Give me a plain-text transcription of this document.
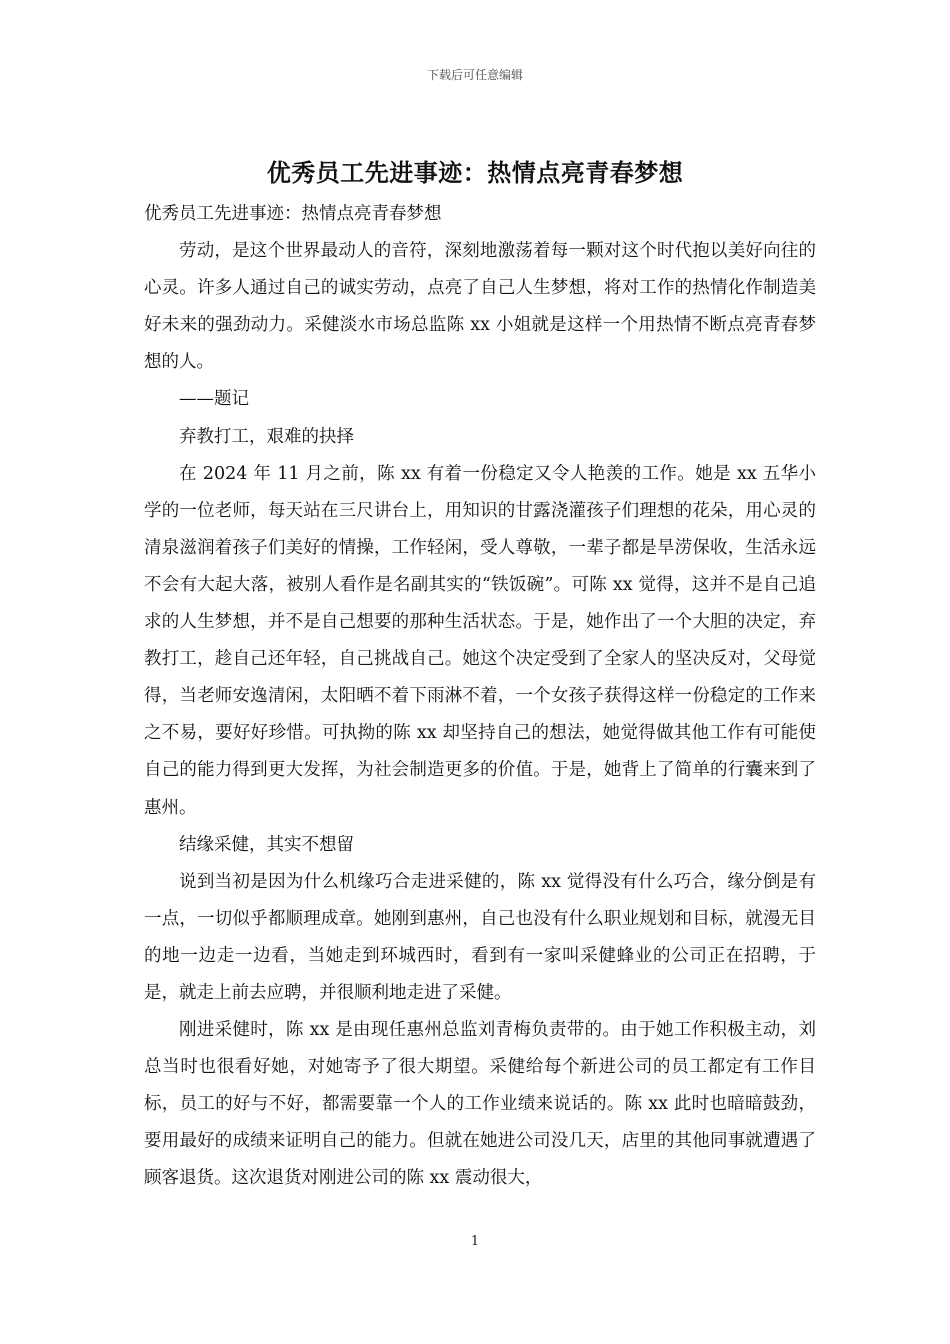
下载后可任意编辑
优秀员工先进事迹：热情点亮青春梦想

优秀员工先进事迹：热情点亮青春梦想

劳动，是这个世界最动人的音符，深刻地激荡着每一颗对这个时代抱以美好向往的心灵。许多人通过自己的诚实劳动，点亮了自己人生梦想，将对工作的热情化作制造美好未来的强劲动力。采健淡水市场总监陈 xx 小姐就是这样一个用热情不断点亮青春梦想的人。

——题记

弃教打工，艰难的抉择

在 2024 年 11 月之前，陈 xx 有着一份稳定又令人艳羡的工作。她是 xx 五华小学的一位老师，每天站在三尺讲台上，用知识的甘露浇灌孩子们理想的花朵，用心灵的清泉滋润着孩子们美好的情操，工作轻闲，受人尊敬，一辈子都是旱涝保收，生活永远不会有大起大落，被别人看作是名副其实的“铁饭碗”。可陈 xx 觉得，这并不是自己追求的人生梦想，并不是自己想要的那种生活状态。于是，她作出了一个大胆的决定，弃教打工，趁自己还年轻，自己挑战自己。她这个决定受到了全家人的坚决反对，父母觉得，当老师安逸清闲，太阳晒不着下雨淋不着，一个女孩子获得这样一份稳定的工作来之不易，要好好珍惜。可执拗的陈 xx 却坚持自己的想法，她觉得做其他工作有可能使自己的能力得到更大发挥，为社会制造更多的价值。于是，她背上了简单的行囊来到了惠州。

结缘采健，其实不想留

说到当初是因为什么机缘巧合走进采健的，陈 xx 觉得没有什么巧合，缘分倒是有一点，一切似乎都顺理成章。她刚到惠州，自己也没有什么职业规划和目标，就漫无目的地一边走一边看，当她走到环城西时，看到有一家叫采健蜂业的公司正在招聘，于是，就走上前去应聘，并很顺利地走进了采健。

刚进采健时，陈 xx 是由现任惠州总监刘青梅负责带的。由于她工作积极主动，刘总当时也很看好她，对她寄予了很大期望。采健给每个新进公司的员工都定有工作目标，员工的好与不好，都需要靠一个人的工作业绩来说话的。陈 xx 此时也暗暗鼓劲，要用最好的成绩来证明自己的能力。但就在她进公司没几天，店里的其他同事就遭遇了顾客退货。这次退货对刚进公司的陈 xx 震动很大，

1
